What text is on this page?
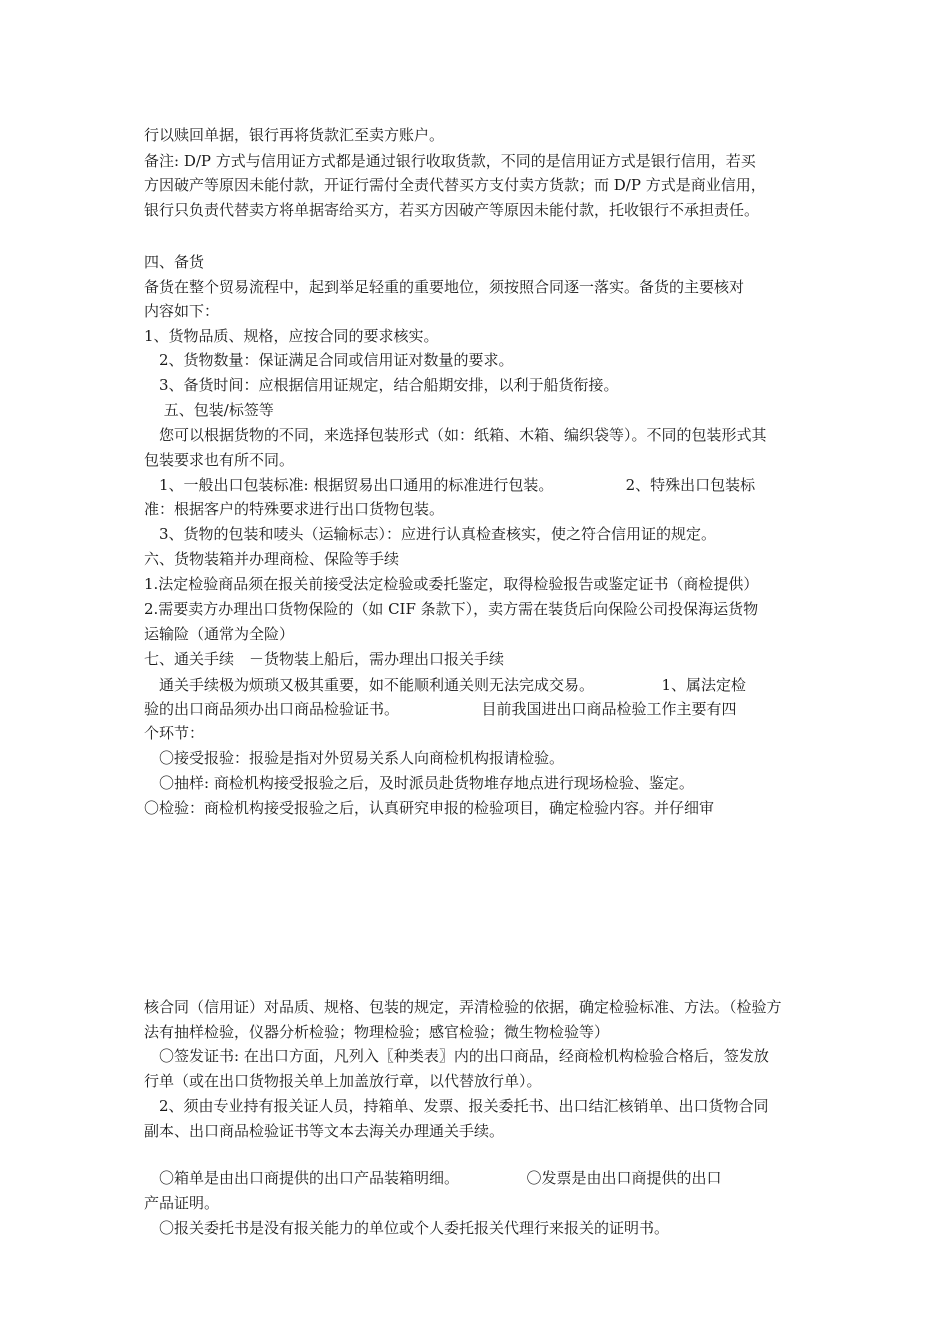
行以赎回单据，银行再将货款汇至卖方账户。
备注: D/P 方式与信用证方式都是通过银行收取货款，不同的是信用证方式是银行信用，若买
方因破产等原因未能付款，开证行需付全责代替买方支付卖方货款；而 D/P 方式是商业信用，
银行只负责代替卖方将单据寄给买方，若买方因破产等原因未能付款，托收银行不承担责任。
四、备货
备货在整个贸易流程中，起到举足轻重的重要地位，须按照合同逐一落实。备货的主要核对
内容如下：
1、货物品质、规格，应按合同的要求核实。
　2、货物数量：保证满足合同或信用证对数量的要求。
　3、备货时间：应根据信用证规定，结合船期安排，以利于船货衔接。
　 五、包装/标签等
　您可以根据货物的不同，来选择包装形式（如：纸箱、木箱、编织袋等）。不同的包装形式其
包装要求也有所不同。
　1、一般出口包装标准: 根据贸易出口通用的标准进行包装。　　　　　 2、特殊出口包装标
准：根据客户的特殊要求进行出口货物包装。
　3、货物的包装和唛头（运输标志）：应进行认真检查核实，使之符合信用证的规定。
六、货物装箱并办理商检、保险等手续
1.法定检验商品须在报关前接受法定检验或委托鉴定，取得检验报告或鉴定证书（商检提供）
2.需要卖方办理出口货物保险的（如 CIF 条款下），卖方需在装货后向保险公司投保海运货物
运输险（通常为全险）
七、通关手续　－货物装上船后，需办理出口报关手续
　通关手续极为烦琐又极其重要，如不能顺利通关则无法完成交易。　　　　　1、属法定检
验的出口商品须办出口商品检验证书。　　　　　　目前我国进出口商品检验工作主要有四
个环节：
　〇接受报验：报验是指对外贸易关系人向商检机构报请检验。
　〇抽样: 商检机构接受报验之后，及时派员赴货物堆存地点进行现场检验、鉴定。
〇检验：商检机构接受报验之后，认真研究申报的检验项目，确定检验内容。并仔细审
核合同（信用证）对品质、规格、包装的规定，弄清检验的依据，确定检验标准、方法。（检验方
法有抽样检验，仪器分析检验；物理检验；感官检验；微生物检验等）
　〇签发证书: 在出口方面，凡列入〖种类表〗内的出口商品，经商检机构检验合格后，签发放
行单（或在出口货物报关单上加盖放行章，以代替放行单）。
　2、须由专业持有报关证人员，持箱单、发票、报关委托书、出口结汇核销单、出口货物合同
副本、出口商品检验证书等文本去海关办理通关手续。
　〇箱单是由出口商提供的出口产品装箱明细。　　　　　〇发票是由出口商提供的出口
产品证明。
　〇报关委托书是没有报关能力的单位或个人委托报关代理行来报关的证明书。
